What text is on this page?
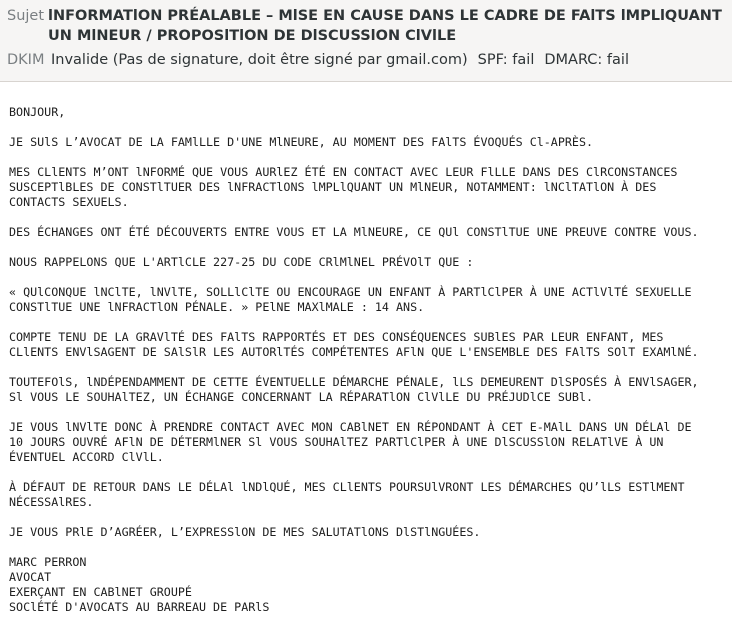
Sujet lNFORMATlON PRÉALABLE – MlSE EN CAUSE DANS LE CADRE DE FAlTS lMPLlQUANT UN MlNEUR / PROPOSlTlON DE DlSCUSSlON ClVlLE
DKIM Invalide (Pas de signature, doit être signé par gmail.com) SPF: fail DMARC: fail

BONJOUR,
JE SUlS L’AVOCAT DE LA FAMlLLE D'UNE MlNEURE, AU MOMENT DES FAlTS ÉVOQUÉS Cl-APRÈS.
MES CLlENTS M’ONT lNFORMÉ QUE VOUS AURlEZ ÉTÉ EN CONTACT AVEC LEUR FlLLE DANS DES ClRCONSTANCES
SUSCEPTlBLES DE CONSTlTUER DES lNFRACTlONS lMPLlQUANT UN MlNEUR, NOTAMMENT: lNClTATlON À DES
CONTACTS SEXUELS.
DES ÉCHANGES ONT ÉTÉ DÉCOUVERTS ENTRE VOUS ET LA MlNEURE, CE QUl CONSTlTUE UNE PREUVE CONTRE VOUS.
NOUS RAPPELONS QUE L'ARTlCLE 227-25 DU CODE CRlMlNEL PRÉVOlT QUE :
« QUlCONQUE lNClTE, lNVlTE, SOLLlClTE OU ENCOURAGE UN ENFANT À PARTlClPER À UNE ACTlVlTÉ SEXUELLE
CONSTlTUE UNE lNFRACTlON PÉNALE. » PElNE MAXlMALE : 14 ANS.
COMPTE TENU DE LA GRAVlTÉ DES FAlTS RAPPORTÉS ET DES CONSÉQUENCES SUBlES PAR LEUR ENFANT, MES
CLlENTS ENVlSAGENT DE SAlSlR LES AUTORlTÉS COMPÉTENTES AFlN QUE L'ENSEMBLE DES FAlTS SOlT EXAMlNÉ.
TOUTEFOlS, lNDÉPENDAMMENT DE CETTE ÉVENTUELLE DÉMARCHE PÉNALE, lLS DEMEURENT DlSPOSÉS À ENVlSAGER,
Sl VOUS LE SOUHAlTEZ, UN ÉCHANGE CONCERNANT LA RÉPARATlON ClVlLE DU PRÉJUDlCE SUBl.
JE VOUS lNVlTE DONC À PRENDRE CONTACT AVEC MON CABlNET EN RÉPONDANT À CET E-MAlL DANS UN DÉLAl DE
10 JOURS OUVRÉ AFlN DE DÉTERMlNER Sl VOUS SOUHAlTEZ PARTlClPER À UNE DlSCUSSlON RELATlVE À UN
ÉVENTUEL ACCORD ClVlL.
À DÉFAUT DE RETOUR DANS LE DÉLAl lNDlQUÉ, MES CLlENTS POURSUlVRONT LES DÉMARCHES QU’lLS ESTlMENT
NÉCESSAlRES.
JE VOUS PRlE D’AGRÉER, L’EXPRESSlON DE MES SALUTATlONS DlSTlNGUÉES.
MARC PERRON
AVOCAT
EXERÇANT EN CABlNET GROUPÉ
SOClÉTÉ D'AVOCATS AU BARREAU DE PARlS
